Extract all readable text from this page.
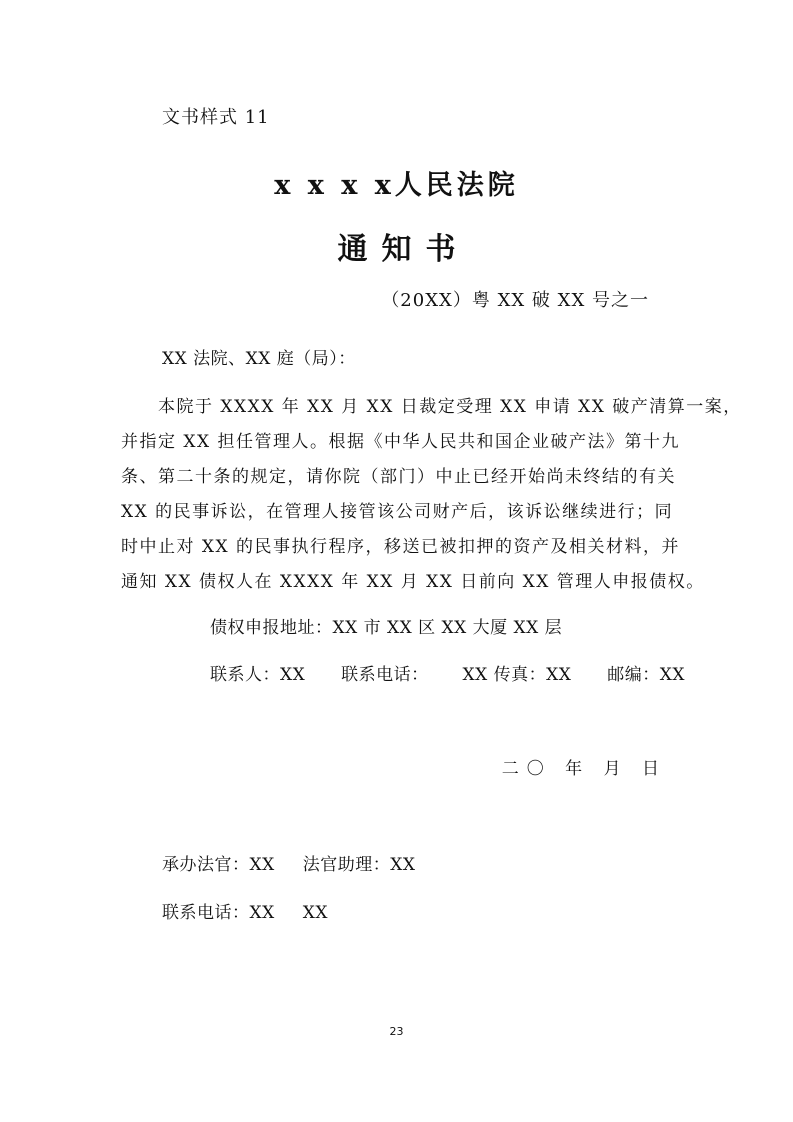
文书样式 11
x x x x人民法院
通知书
（20XX）粤 XX 破 XX 号之一
XX 法院、XX 庭（局）：
本院于 XXXX 年 XX 月 XX 日裁定受理 XX 申请 XX 破产清算一案，
并指定 XX 担任管理人。根据《中华人民共和国企业破产法》第十九
条、第二十条的规定，请你院（部门）中止已经开始尚未终结的有关
XX 的民事诉讼，在管理人接管该公司财产后，该诉讼继续进行；同
时中止对 XX 的民事执行程序，移送已被扣押的资产及相关材料，并
通知 XX 债权人在 XXXX 年 XX 月 XX 日前向 XX 管理人申报债权。
债权申报地址：XX 市 XX 区 XX 大厦 XX 层
联系人：XX 联系电话： XX 传真：XX 邮编：XX
二〇 年 月 日
承办法官：XX 法官助理：XX
联系电话：XX XX
23
